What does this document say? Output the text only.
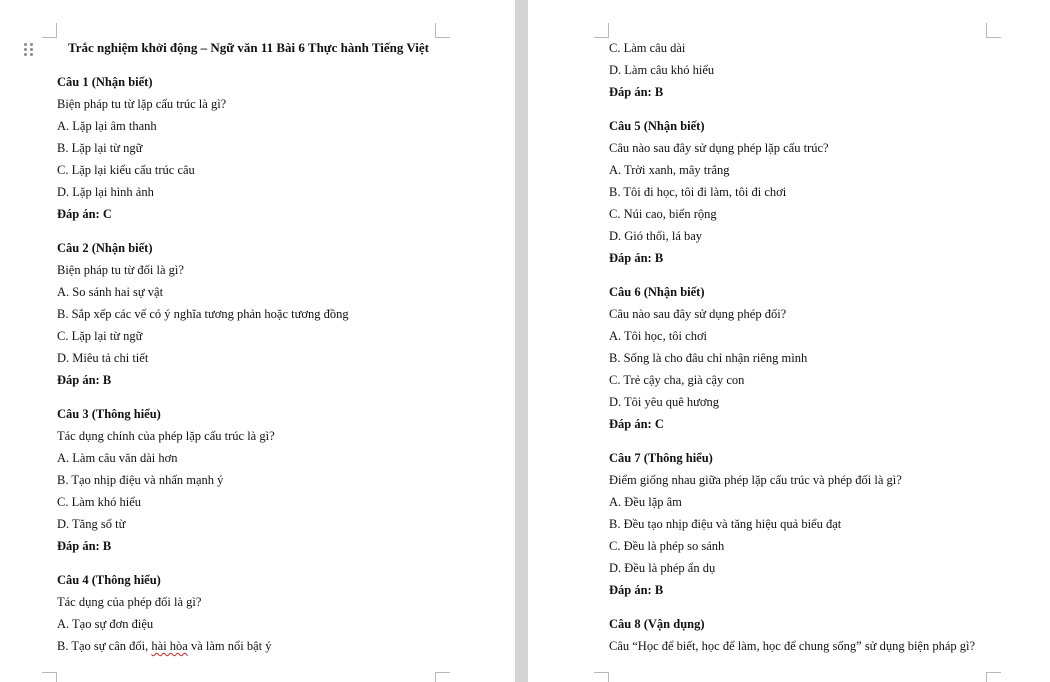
Trắc nghiệm khởi động – Ngữ văn 11 Bài 6 Thực hành Tiếng Việt
Câu 1 (Nhận biết)
Biện pháp tu từ lặp cấu trúc là gì?
A. Lặp lại âm thanh
B. Lặp lại từ ngữ
C. Lặp lại kiểu cấu trúc câu
D. Lặp lại hình ảnh
Đáp án: C
Câu 2 (Nhận biết)
Biện pháp tu từ đối là gì?
A. So sánh hai sự vật
B. Sắp xếp các vế có ý nghĩa tương phản hoặc tương đồng
C. Lặp lại từ ngữ
D. Miêu tả chi tiết
Đáp án: B
Câu 3 (Thông hiểu)
Tác dụng chính của phép lặp cấu trúc là gì?
A. Làm câu văn dài hơn
B. Tạo nhịp điệu và nhấn mạnh ý
C. Làm khó hiểu
D. Tăng số từ
Đáp án: B
Câu 4 (Thông hiểu)
Tác dụng của phép đối là gì?
A. Tạo sự đơn điệu
B. Tạo sự cân đối, hài hòa và làm nổi bật ý
C. Làm câu dài
D. Làm câu khó hiểu
Đáp án: B
Câu 5 (Nhận biết)
Câu nào sau đây sử dụng phép lặp cấu trúc?
A. Trời xanh, mây trắng
B. Tôi đi học, tôi đi làm, tôi đi chơi
C. Núi cao, biển rộng
D. Gió thổi, lá bay
Đáp án: B
Câu 6 (Nhận biết)
Câu nào sau đây sử dụng phép đối?
A. Tôi học, tôi chơi
B. Sống là cho đâu chỉ nhận riêng mình
C. Trẻ cậy cha, già cậy con
D. Tôi yêu quê hương
Đáp án: C
Câu 7 (Thông hiểu)
Điểm giống nhau giữa phép lặp cấu trúc và phép đối là gì?
A. Đều lặp âm
B. Đều tạo nhịp điệu và tăng hiệu quả biểu đạt
C. Đều là phép so sánh
D. Đều là phép ẩn dụ
Đáp án: B
Câu 8 (Vận dụng)
Câu “Học để biết, học để làm, học để chung sống” sử dụng biện pháp gì?
